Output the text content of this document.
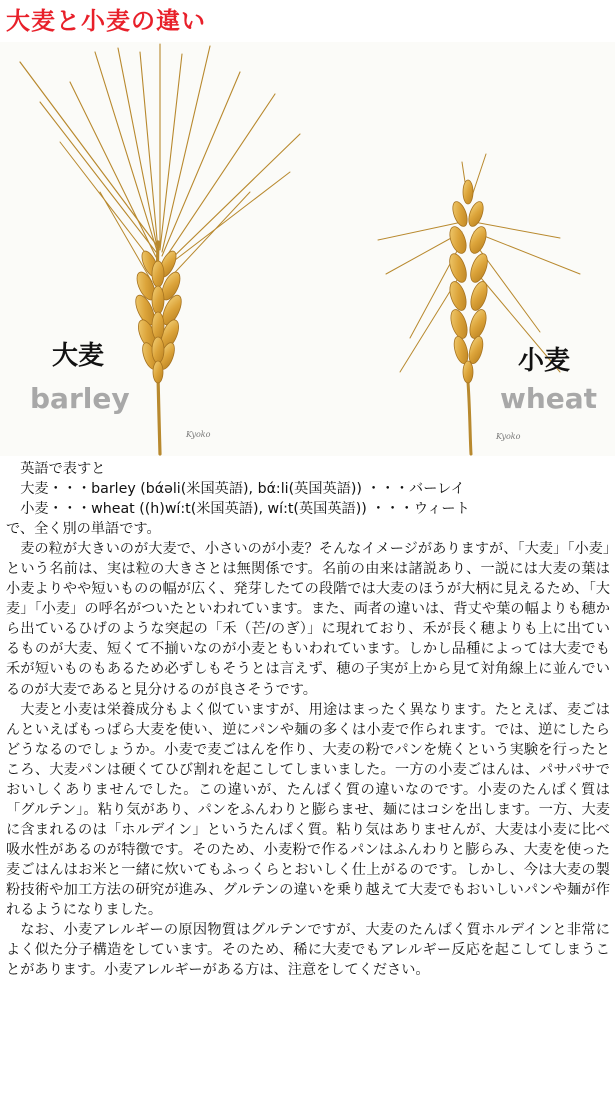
大麦と小麦の違い
大麦
barley
小麦
wheat
Kyoko	Kyoko

英語で表すと

大麦・・・barley (bάəli(米国英語), bά:li(英国英語)) ・・・バーレイ

小麦・・・wheat ((h)wí:t(米国英語), wí:t(英国英語)) ・・・ウィート

で、全く別の単語です。

麦の粒が大きいのが大麦で、小さいのが小麦？そんなイメージがありますが、「大麦」「小麦」という名前は、実は粒の大きさとは無関係です。名前の由来は諸説あり、一説には大麦の葉は小麦よりやや短いものの幅が広く、発芽したての段階では大麦のほうが大柄に見えるため、「大麦」「小麦」の呼名がついたといわれています。また、両者の違いは、背丈や葉の幅よりも穂から出ているひげのような突起の「禾（芒/のぎ）」に現れており、禾が長く穂よりも上に出ているものが大麦、短くて不揃いなのが小麦ともいわれています。しかし品種によっては大麦でも禾が短いものもあるため必ずしもそうとは言えず、穂の子実が上から見て対角線上に並んでいるのが大麦であると見分けるのが良さそうです。

大麦と小麦は栄養成分もよく似ていますが、用途はまったく異なります。たとえば、麦ごはんといえばもっぱら大麦を使い、逆にパンや麺の多くは小麦で作られます。では、逆にしたらどうなるのでしょうか。小麦で麦ごはんを作り、大麦の粉でパンを焼くという実験を行ったところ、大麦パンは硬くてひび割れを起こしてしまいました。一方の小麦ごはんは、パサパサでおいしくありませんでした。この違いが、たんぱく質の違いなのです。小麦のたんぱく質は「グルテン」。粘り気があり、パンをふんわりと膨らませ、麺にはコシを出します。一方、大麦に含まれるのは「ホルデイン」というたんぱく質。粘り気はありませんが、大麦は小麦に比べ吸水性があるのが特徴です。そのため、小麦粉で作るパンはふんわりと膨らみ、大麦を使った麦ごはんはお米と一緒に炊いてもふっくらとおいしく仕上がるのです。しかし、今は大麦の製粉技術や加工方法の研究が進み、グルテンの違いを乗り越えて大麦でもおいしいパンや麺が作れるようになりました。

なお、小麦アレルギーの原因物質はグルテンですが、大麦のたんぱく質ホルデインと非常によく似た分子構造をしています。そのため、稀に大麦でもアレルギー反応を起こしてしまうことがあります。小麦アレルギーがある方は、注意をしてください。
